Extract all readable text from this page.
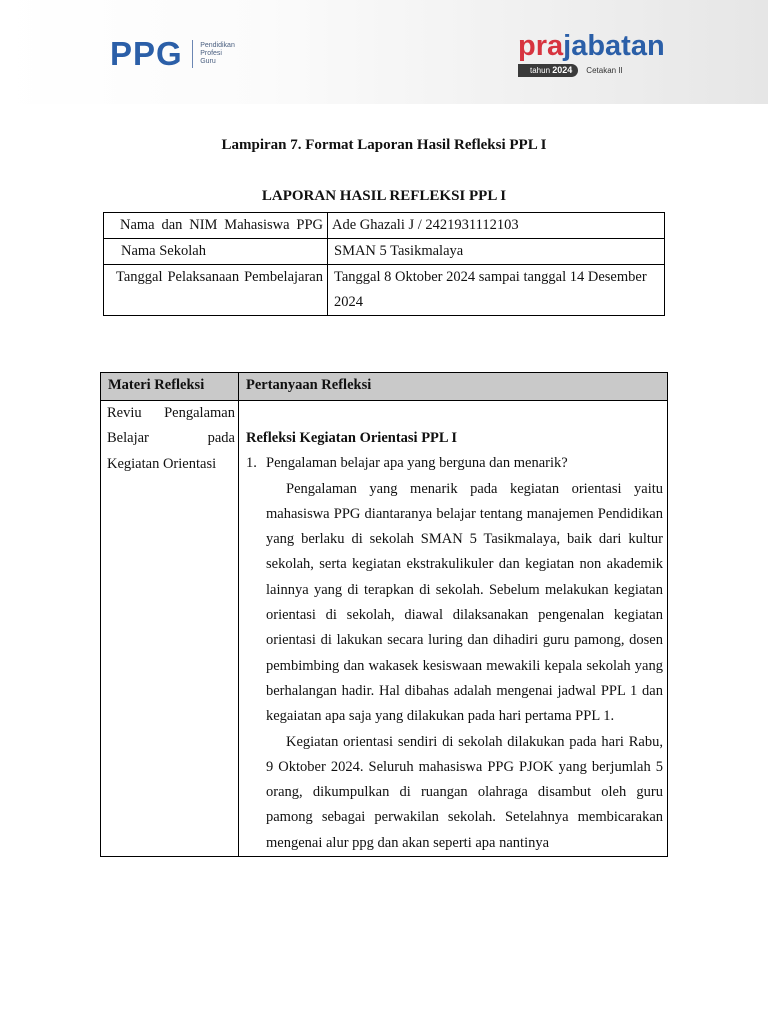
PPG	Pendidikan
Profesi
Guru	prajabatan
tahun 2024	Cetakan II
Lampiran 7. Format Laporan Hasil Refleksi PPL I
LAPORAN HASIL REFLEKSI PPL I
Nama dan NIM Mahasiswa PPG	Ade Ghazali J / 2421931112103
Nama Sekolah	SMAN 5 Tasikmalaya
Tanggal Pelaksanaan Pembelajaran	Tanggal 8 Oktober 2024 sampai tanggal 14 Desember 2024
Materi Refleksi	Pertanyaan Refleksi

Reviu Pengalaman Belajar pada Kegiatan Orientasi	Refleksi Kegiatan Orientasi PPL I
1. Pengalaman belajar apa yang berguna dan menarik?
Pengalaman yang menarik pada kegiatan orientasi yaitu mahasiswa PPG diantaranya belajar tentang manajemen Pendidikan yang berlaku di sekolah SMAN 5 Tasikmalaya, baik dari kultur sekolah, serta kegiatan ekstrakulikuler dan kegiatan non akademik lainnya yang di terapkan di sekolah. Sebelum melakukan kegiatan orientasi di sekolah, diawal dilaksanakan pengenalan kegiatan orientasi di lakukan secara luring dan dihadiri guru pamong, dosen pembimbing dan wakasek kesiswaan mewakili kepala sekolah yang berhalangan hadir. Hal dibahas adalah mengenai jadwal PPL 1 dan kegaiatan apa saja yang dilakukan pada hari pertama PPL 1.
Kegiatan orientasi sendiri di sekolah dilakukan pada hari Rabu, 9 Oktober 2024. Seluruh mahasiswa PPG PJOK yang berjumlah 5 orang, dikumpulkan di ruangan olahraga disambut oleh guru pamong sebagai perwakilan sekolah. Setelahnya membicarakan mengenai alur ppg dan akan seperti apa nantinya
